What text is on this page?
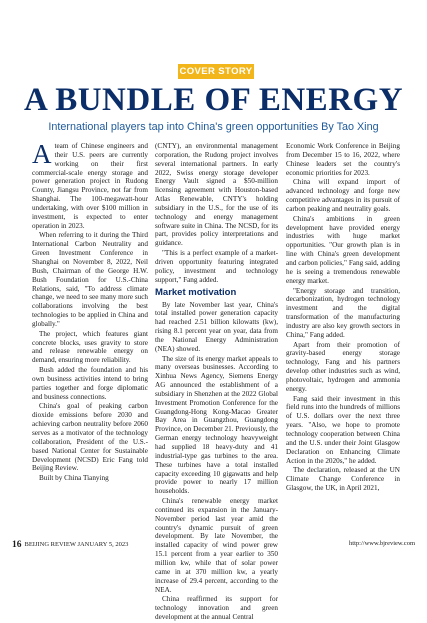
COVER STORY
A BUNDLE OF ENERGY
International players tap into China's green opportunities By Tao Xing

Ateam of Chinese engineers and their U.S. peers are currently working on their first commercial-scale energy storage and power generation project in Rudong County, Jiangsu Province, not far from Shanghai. The 100-megawatt-hour undertaking, with over $100 million in investment, is expected to enter operation in 2023.

When referring to it during the Third International Carbon Neutrality and Green Investment Conference in Shanghai on November 8, 2022, Neil Bush, Chairman of the George H.W. Bush Foundation for U.S.-China Relations, said, "To address climate change, we need to see many more such collaborations involving the best technologies to be applied in China and globally."

The project, which features giant concrete blocks, uses gravity to store and release renewable energy on demand, ensuring more reliability.

Bush added the foundation and his own business activities intend to bring parties together and forge diplomatic and business connections.

China's goal of peaking carbon dioxide emissions before 2030 and achieving carbon neutrality before 2060 serves as a motivator of the technology collaboration, President of the U.S.-based National Center for Sustainable Development (NCSD) Eric Fang told Beijing Review.

Built by China Tianying

(CNTY), an environmental management corporation, the Rudong project involves several international partners. In early 2022, Swiss energy storage developer Energy Vault signed a $50-million licensing agreement with Houston-based Atlas Renewable, CNTY's holding subsidiary in the U.S., for the use of its technology and energy management software suite in China. The NCSD, for its part, provides policy interpretations and guidance.

"This is a perfect example of a market-driven opportunity featuring integrated policy, investment and technology support," Fang added.

Market motivation

By late November last year, China's total installed power generation capacity had reached 2.51 billion kilowatts (kw), rising 8.1 percent year on year, data from the National Energy Administration (NEA) showed.

The size of its energy market appeals to many overseas businesses. According to Xinhua News Agency, Siemens Energy AG announced the establishment of a subsidiary in Shenzhen at the 2022 Global Investment Promotion Conference for the Guangdong-Hong Kong-Macao Greater Bay Area in Guangzhou, Guangdong Province, on December 21. Previously, the German energy technology heavyweight had supplied 18 heavy-duty and 41 industrial-type gas turbines to the area. These turbines have a total installed capacity exceeding 10 gigawatts and help provide power to nearly 17 million households.

China's renewable energy market continued its expansion in the January-November period last year amid the country's dynamic pursuit of green development. By late November, the installed capacity of wind power grew 15.1 percent from a year earlier to 350 million kw, while that of solar power came in at 370 million kw, a yearly increase of 29.4 percent, according to the NEA.

China reaffirmed its support for technology innovation and green development at the annual Central

Economic Work Conference in Beijing from December 15 to 16, 2022, where Chinese leaders set the country's economic priorities for 2023.

China will expand import of advanced technology and forge new competitive advantages in its pursuit of carbon peaking and neutrality goals.

China's ambitions in green development have provided energy industries with huge market opportunities. "Our growth plan is in line with China's green development and carbon policies," Fang said, adding he is seeing a tremendous renewable energy market.

"Energy storage and transition, decarbonization, hydrogen technology investment and the digital transformation of the manufacturing industry are also key growth sectors in China," Fang added.

Apart from their promotion of gravity-based energy storage technology, Fang and his partners develop other industries such as wind, photovoltaic, hydrogen and ammonia energy.

Fang said their investment in this field runs into the hundreds of millions of U.S. dollars over the next three years. "Also, we hope to promote technology cooperation between China and the U.S. under their Joint Glasgow Declaration on Enhancing Climate Action in the 2020s," he added.

The declaration, released at the UN Climate Change Conference in Glasgow, the UK, in April 2021,

16 BEIJING REVIEW JANUARY 5, 2023	http://www.bjreview.com
